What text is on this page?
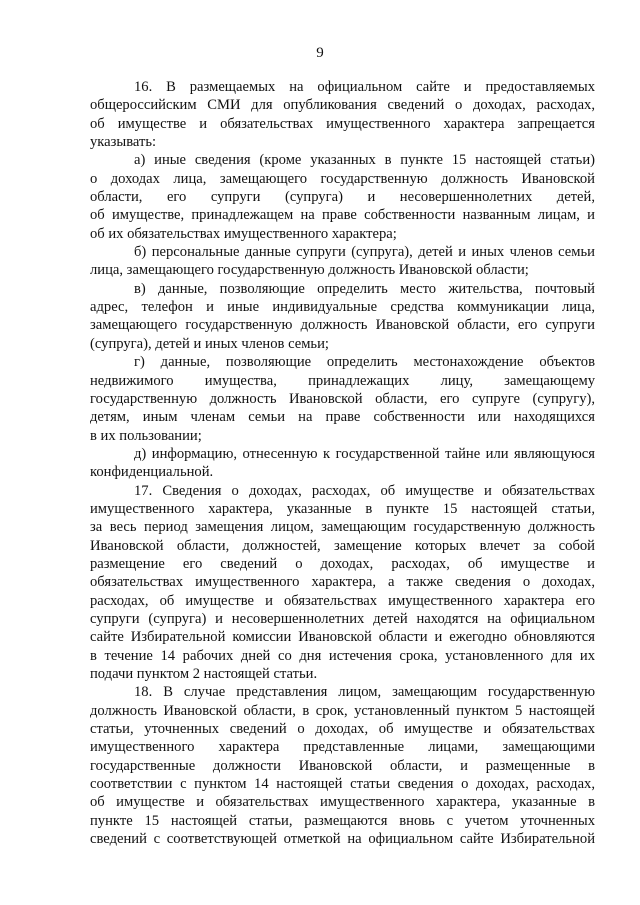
9
16. В размещаемых на официальном сайте и предоставляемых
общероссийским СМИ для опубликования сведений о доходах, расходах,
об имуществе и обязательствах имущественного характера запрещается
указывать:
а) иные сведения (кроме указанных в пункте 15 настоящей статьи)
о доходах лица, замещающего государственную должность Ивановской
области, его супруги (супруга) и несовершеннолетних детей,
об имуществе, принадлежащем на праве собственности названным лицам, и
об их обязательствах имущественного характера;
б) персональные данные супруги (супруга), детей и иных членов семьи
лица, замещающего государственную должность Ивановской области;
в) данные, позволяющие определить место жительства, почтовый
адрес, телефон и иные индивидуальные средства коммуникации лица,
замещающего государственную должность Ивановской области, его супруги
(супруга), детей и иных членов семьи;
г) данные, позволяющие определить местонахождение объектов
недвижимого имущества, принадлежащих лицу, замещающему
государственную должность Ивановской области, его супруге (супругу),
детям, иным членам семьи на праве собственности или находящихся
в их пользовании;
д) информацию, отнесенную к государственной тайне или являющуюся
конфиденциальной.
17. Сведения о доходах, расходах, об имуществе и обязательствах
имущественного характера, указанные в пункте 15 настоящей статьи,
за весь период замещения лицом, замещающим государственную должность
Ивановской области, должностей, замещение которых влечет за собой
размещение его сведений о доходах, расходах, об имуществе и
обязательствах имущественного характера, а также сведения о доходах,
расходах, об имуществе и обязательствах имущественного характера его
супруги (супруга) и несовершеннолетних детей находятся на официальном
сайте Избирательной комиссии Ивановской области и ежегодно обновляются
в течение 14 рабочих дней со дня истечения срока, установленного для их
подачи пунктом 2 настоящей статьи.
18. В случае представления лицом, замещающим государственную
должность Ивановской области, в срок, установленный пунктом 5 настоящей
статьи, уточненных сведений о доходах, об имуществе и обязательствах
имущественного характера представленные лицами, замещающими
государственные должности Ивановской области, и размещенные в
соответствии с пунктом 14 настоящей статьи сведения о доходах, расходах,
об имуществе и обязательствах имущественного характера, указанные в
пункте 15 настоящей статьи, размещаются вновь с учетом уточненных
сведений с соответствующей отметкой на официальном сайте Избирательной
